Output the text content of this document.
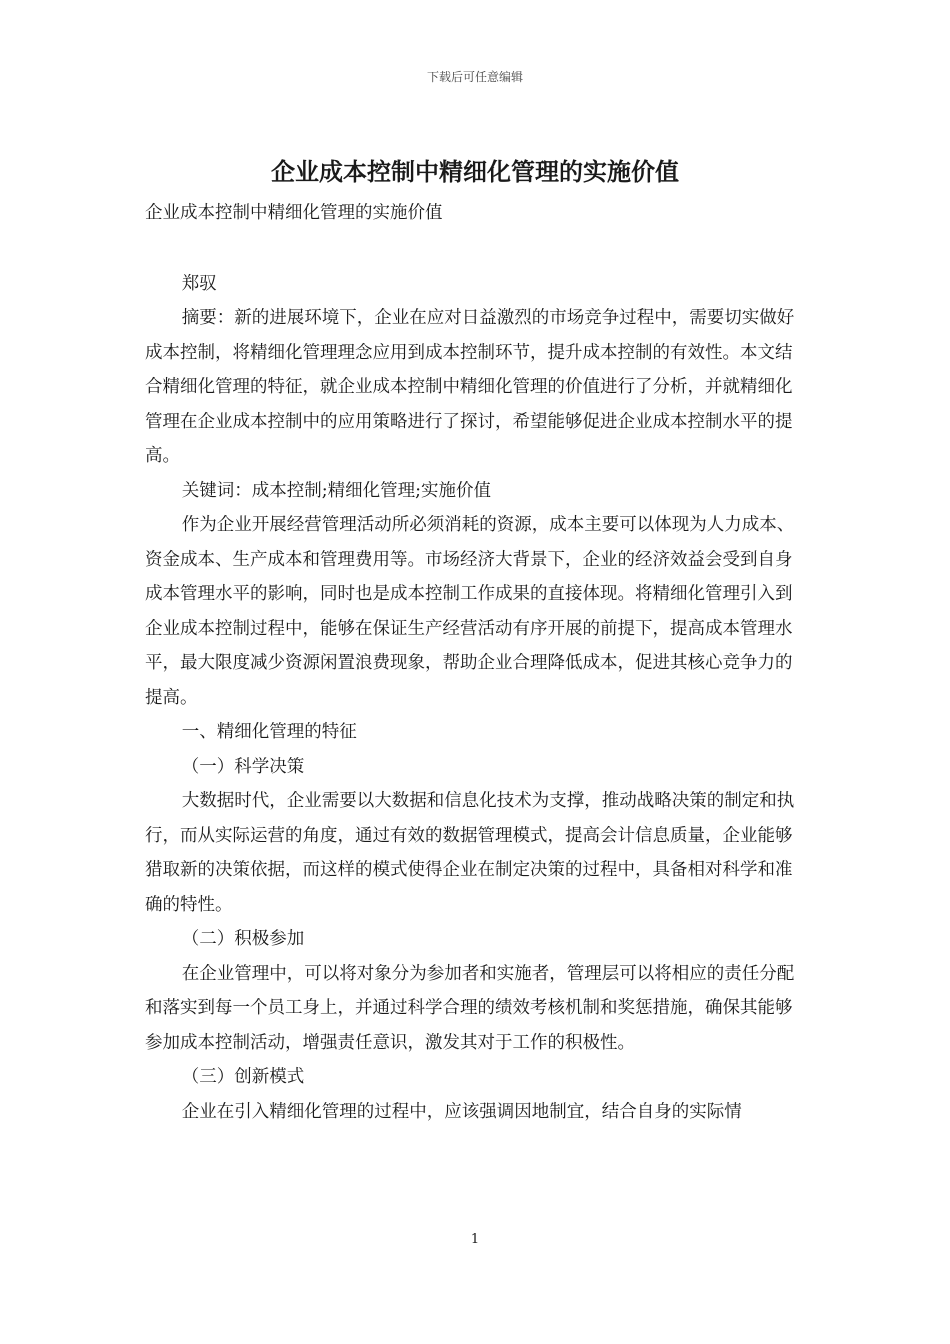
下载后可任意编辑
企业成本控制中精细化管理的实施价值

企业成本控制中精细化管理的实施价值

郑驭

摘要：新的进展环境下，企业在应对日益激烈的市场竞争过程中，需要切实做好成本控制，将精细化管理理念应用到成本控制环节，提升成本控制的有效性。本文结合精细化管理的特征，就企业成本控制中精细化管理的价值进行了分析，并就精细化管理在企业成本控制中的应用策略进行了探讨，希望能够促进企业成本控制水平的提高。

关键词：成本控制;精细化管理;实施价值

作为企业开展经营管理活动所必须消耗的资源，成本主要可以体现为人力成本、资金成本、生产成本和管理费用等。市场经济大背景下，企业的经济效益会受到自身成本管理水平的影响，同时也是成本控制工作成果的直接体现。将精细化管理引入到企业成本控制过程中，能够在保证生产经营活动有序开展的前提下，提高成本管理水平，最大限度减少资源闲置浪费现象，帮助企业合理降低成本，促进其核心竞争力的提高。

一、精细化管理的特征

（一）科学决策

大数据时代，企业需要以大数据和信息化技术为支撑，推动战略决策的制定和执行，而从实际运营的角度，通过有效的数据管理模式，提高会计信息质量，企业能够猎取新的决策依据，而这样的模式使得企业在制定决策的过程中，具备相对科学和准确的特性。

（二）积极参加

在企业管理中，可以将对象分为参加者和实施者，管理层可以将相应的责任分配和落实到每一个员工身上，并通过科学合理的绩效考核机制和奖惩措施，确保其能够参加成本控制活动，增强责任意识，激发其对于工作的积极性。

（三）创新模式

企业在引入精细化管理的过程中，应该强调因地制宜，结合自身的实际情

1
